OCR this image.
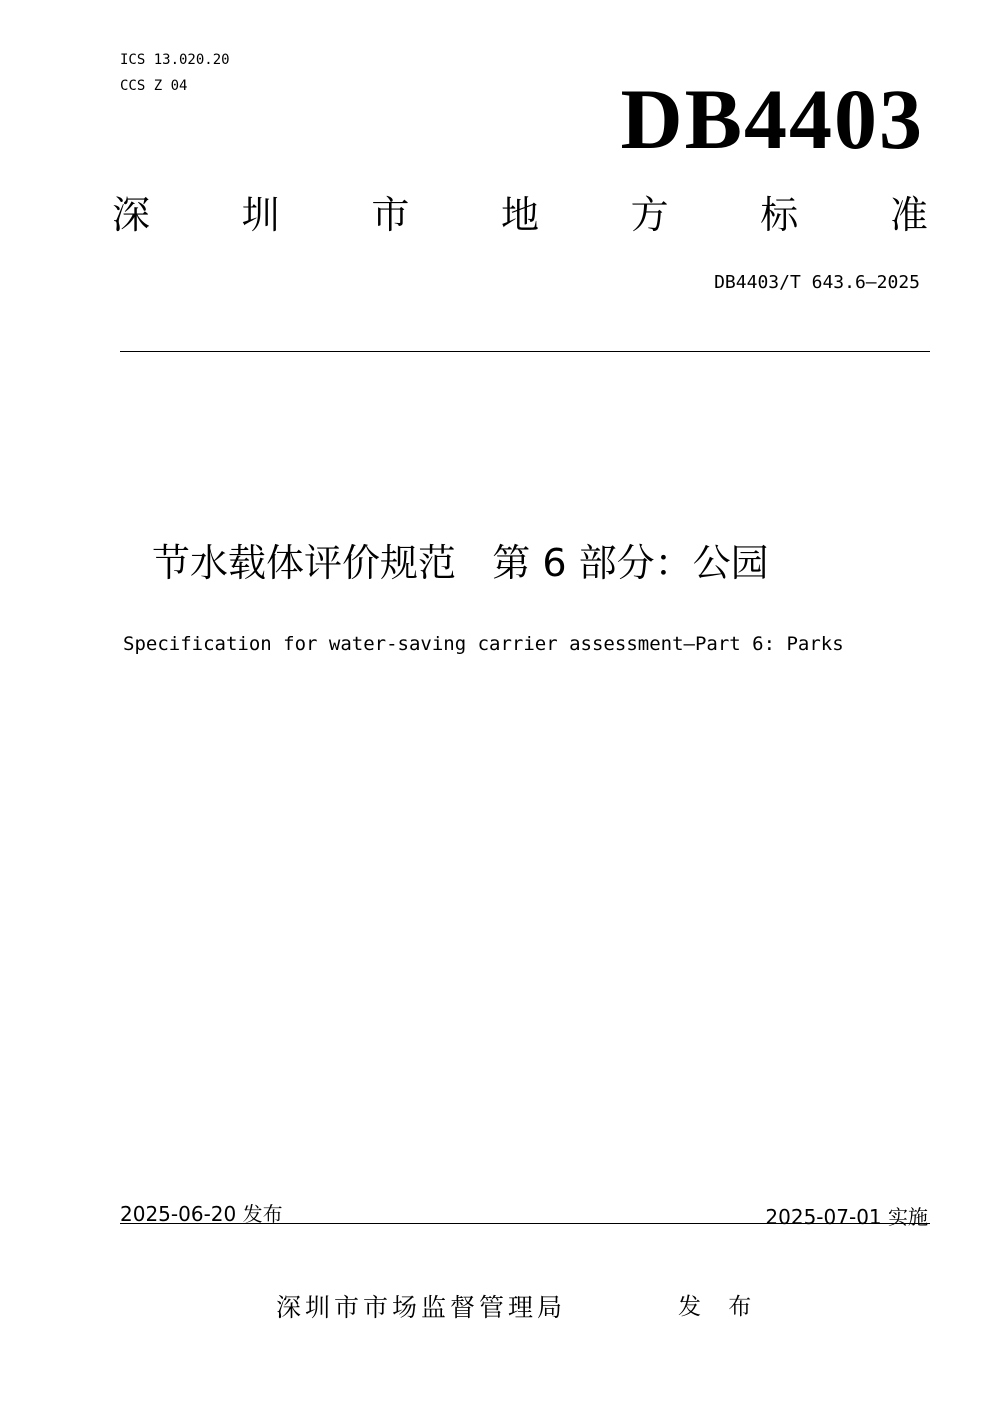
ICS 13.020.20
CCS Z 04	DB4403
深 圳 市 地 方 标 准
DB4403/T 643.6—2025
节水载体评价规范   第 6 部分：公园
Specification for water-saving carrier assessment—Part 6: Parks
2025-06-20 发布	2025-07-01 实施
深圳市市场监督管理局	发 布
